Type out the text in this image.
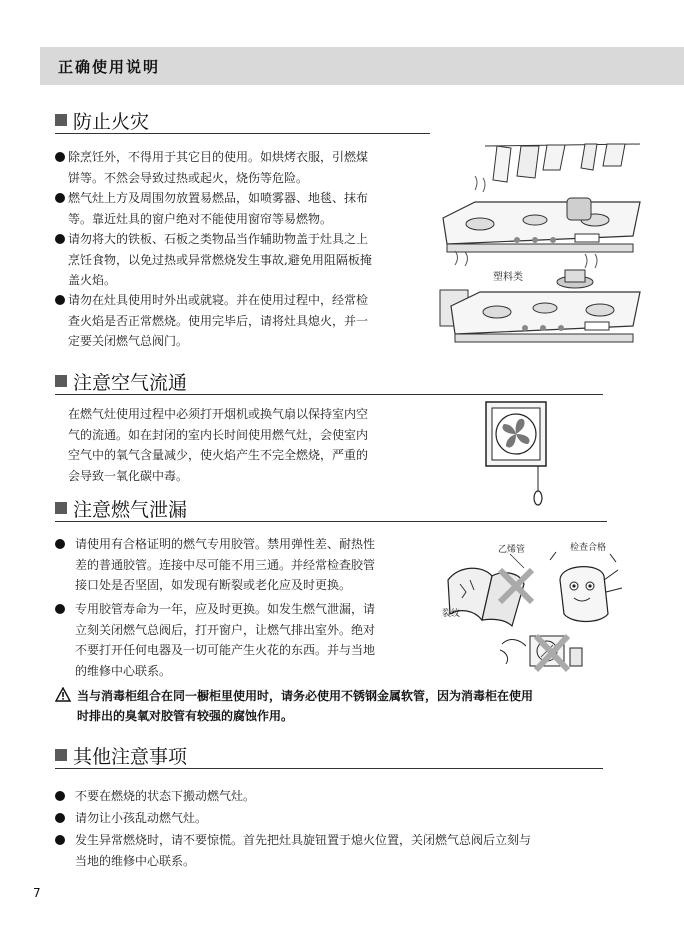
正确使用说明
防止火灾
除烹饪外，不得用于其它目的使用。如烘烤衣服，引燃煤
饼等。不然会导致过热或起火，烧伤等危险。
燃气灶上方及周围勿放置易燃品，如喷雾器、地毯、抹布
等。靠近灶具的窗户绝对不能使用窗帘等易燃物。
请勿将大的铁板、石板之类物品当作辅助物盖于灶具之上
烹饪食物，以免过热或异常燃烧发生事故,避免用阻隔板掩
盖火焰。
请勿在灶具使用时外出或就寝。并在使用过程中，经常检
查火焰是否正常燃烧。使用完毕后，请将灶具熄火，并一
定要关闭燃气总阀门。
塑料类
注意空气流通
在燃气灶使用过程中必须打开烟机或换气扇以保持室内空
气的流通。如在封闭的室内长时间使用燃气灶，会使室内
空气中的氧气含量减少，使火焰产生不完全燃烧，严重的
会导致一氧化碳中毒。
注意燃气泄漏
请使用有合格证明的燃气专用胶管。禁用弹性差、耐热性
差的普通胶管。连接中尽可能不用三通。并经常检查胶管
接口处是否坚固，如发现有断裂或老化应及时更换。
专用胶管寿命为一年，应及时更换。如发生燃气泄漏，请
立刻关闭燃气总阀后，打开窗户，让燃气排出室外。绝对
不要打开任何电器及一切可能产生火花的东西。并与当地
的维修中心联系。
乙烯管	检查合格
裂纹
当与消毒柜组合在同一橱柜里使用时，请务必使用不锈钢金属软管，因为消毒柜在使用
时排出的臭氧对胶管有较强的腐蚀作用。
其他注意事项
不要在燃烧的状态下搬动燃气灶。
请勿让小孩乱动燃气灶。
发生异常燃烧时，请不要惊慌。首先把灶具旋钮置于熄火位置，关闭燃气总阀后立刻与
当地的维修中心联系。
7
